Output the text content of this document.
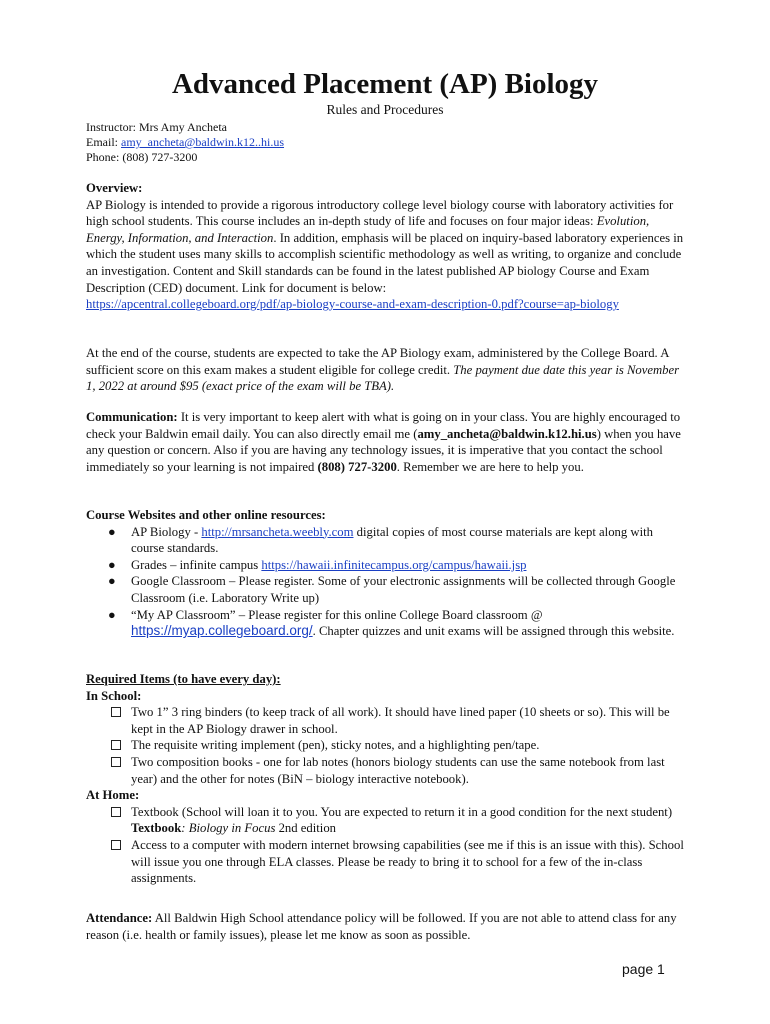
Advanced Placement (AP) Biology
Rules and Procedures
Instructor: Mrs Amy Ancheta
Email: amy_ancheta@baldwin.k12..hi.us
Phone: (808) 727-3200

Overview:

AP Biology is intended to provide a rigorous introductory college level biology course with laboratory activities for high school students. This course includes an in-depth study of life and focuses on four major ideas: Evolution, Energy, Information, and Interaction. In addition, emphasis will be placed on inquiry-based laboratory experiences in which the student uses many skills to accomplish scientific methodology as well as writing, to organize and conclude an investigation. Content and Skill standards can be found in the latest published AP biology Course and Exam Description (CED) document. Link for document is below:

https://apcentral.collegeboard.org/pdf/ap-biology-course-and-exam-description-0.pdf?course=ap-biology

At the end of the course, students are expected to take the AP Biology exam, administered by the College Board. A sufficient score on this exam makes a student eligible for college credit. The payment due date this year is November 1, 2022 at around $95 (exact price of the exam will be TBA).

Communication: It is very important to keep alert with what is going on in your class. You are highly encouraged to check your Baldwin email daily. You can also directly email me (amy_ancheta@baldwin.k12.hi.us) when you have any question or concern. Also if you are having any technology issues, it is imperative that you contact the school immediately so your learning is not impaired (808) 727-3200. Remember we are here to help you.

Course Websites and other online resources:

● AP Biology - http://mrsancheta.weebly.com digital copies of most course materials are kept along with course standards.
● Grades – infinite campus https://hawaii.infinitecampus.org/campus/hawaii.jsp
● Google Classroom – Please register. Some of your electronic assignments will be collected through Google Classroom (i.e. Laboratory Write up)
● “My AP Classroom” – Please register for this online College Board classroom @ https://myap.collegeboard.org/. Chapter quizzes and unit exams will be assigned through this website.

Required Items (to have every day):

In School:

Two 1” 3 ring binders (to keep track of all work). It should have lined paper (10 sheets or so). This will be kept in the AP Biology drawer in school.
The requisite writing implement (pen), sticky notes, and a highlighting pen/tape.
Two composition books - one for lab notes (honors biology students can use the same notebook from last year) and the other for notes (BiN – biology interactive notebook).

At Home:

Textbook (School will loan it to you. You are expected to return it in a good condition for the next student) Textbook: Biology in Focus 2nd edition
Access to a computer with modern internet browsing capabilities (see me if this is an issue with this). School will issue you one through ELA classes. Please be ready to bring it to school for a few of the in-class assignments.

Attendance: All Baldwin High School attendance policy will be followed. If you are not able to attend class for any reason (i.e. health or family issues), please let me know as soon as possible.

page 1
